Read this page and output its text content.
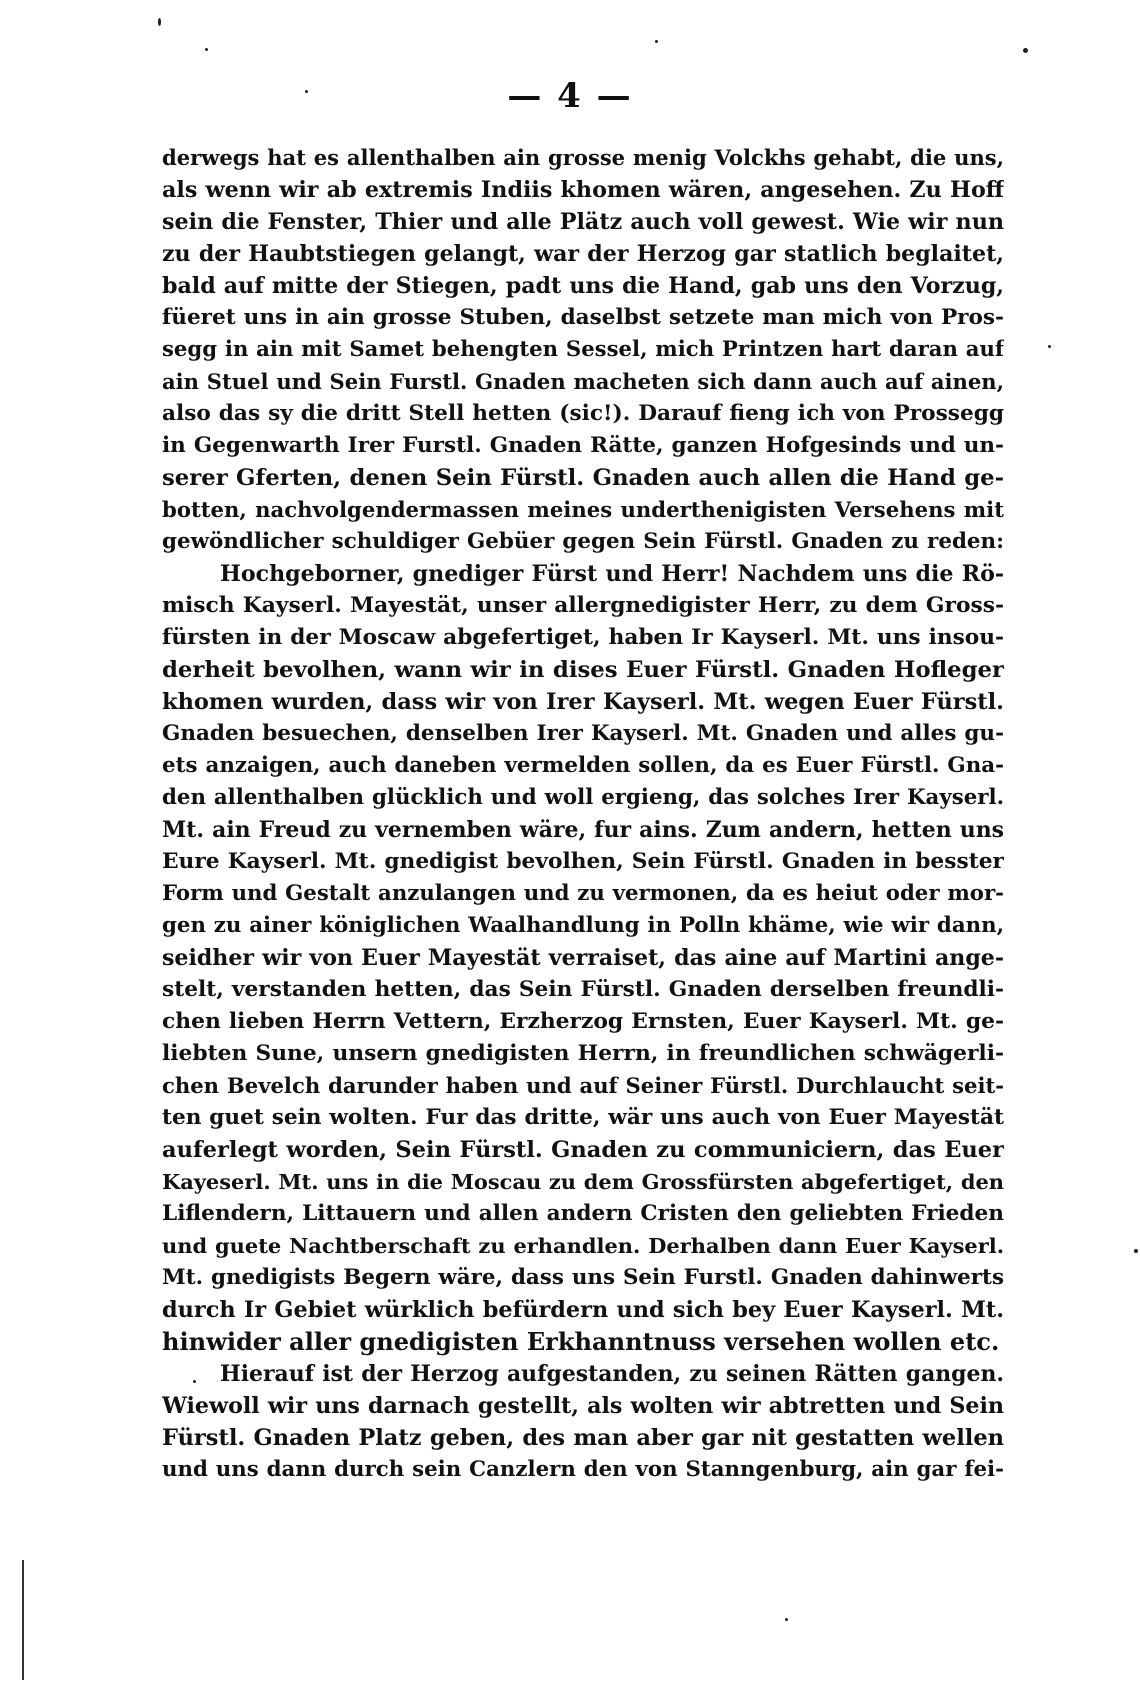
— 4 —
derwegs hat es allenthalben ain grosse menig Volckhs gehabt, die uns,
als wenn wir ab extremis Indiis khomen wären, angesehen. Zu Hoff
sein die Fenster, Thier und alle Plätz auch voll gewest. Wie wir nun
zu der Haubtstiegen gelangt, war der Herzog gar statlich beglaitet,
bald auf mitte der Stiegen, padt uns die Hand, gab uns den Vorzug,
füeret uns in ain grosse Stuben, daselbst setzete man mich von Pros-
segg in ain mit Samet behengten Sessel, mich Printzen hart daran auf
ain Stuel und Sein Furstl. Gnaden macheten sich dann auch auf ainen,
also das sy die dritt Stell hetten (sic!). Darauf fieng ich von Prossegg
in Gegenwarth Irer Furstl. Gnaden Rätte, ganzen Hofgesinds und un-
serer Gferten, denen Sein Fürstl. Gnaden auch allen die Hand ge-
botten, nachvolgendermassen meines underthenigisten Versehens mit
gewöndlicher schuldiger Gebüer gegen Sein Fürstl. Gnaden zu reden:
Hochgeborner, gnediger Fürst und Herr! Nachdem uns die Rö-
misch Kayserl. Mayestät, unser allergnedigister Herr, zu dem Gross-
fürsten in der Moscaw abgefertiget, haben Ir Kayserl. Mt. uns insou-
derheit bevolhen, wann wir in dises Euer Fürstl. Gnaden Hofleger
khomen wurden, dass wir von Irer Kayserl. Mt. wegen Euer Fürstl.
Gnaden besuechen, denselben Irer Kayserl. Mt. Gnaden und alles gu-
ets anzaigen, auch daneben vermelden sollen, da es Euer Fürstl. Gna-
den allenthalben glücklich und woll ergieng, das solches Irer Kayserl.
Mt. ain Freud zu vernemben wäre, fur ains. Zum andern, hetten uns
Eure Kayserl. Mt. gnedigist bevolhen, Sein Fürstl. Gnaden in besster
Form und Gestalt anzulangen und zu vermonen, da es heiut oder mor-
gen zu ainer königlichen Waalhandlung in Polln khäme, wie wir dann,
seidher wir von Euer Mayestät verraiset, das aine auf Martini ange-
stelt, verstanden hetten, das Sein Fürstl. Gnaden derselben freundli-
chen lieben Herrn Vettern, Erzherzog Ernsten, Euer Kayserl. Mt. ge-
liebten Sune, unsern gnedigisten Herrn, in freundlichen schwägerli-
chen Bevelch darunder haben und auf Seiner Fürstl. Durchlaucht seit-
ten guet sein wolten. Fur das dritte, wär uns auch von Euer Mayestät
auferlegt worden, Sein Fürstl. Gnaden zu communiciern, das Euer
Kayeserl. Mt. uns in die Moscau zu dem Grossfürsten abgefertiget, den
Liflendern, Littauern und allen andern Cristen den geliebten Frieden
und guete Nachtberschaft zu erhandlen. Derhalben dann Euer Kayserl.
Mt. gnedigists Begern wäre, dass uns Sein Furstl. Gnaden dahinwerts
durch Ir Gebiet würklich befürdern und sich bey Euer Kayserl. Mt.
hinwider aller gnedigisten Erkhanntnuss versehen wollen etc.
Hierauf ist der Herzog aufgestanden, zu seinen Rätten gangen.
Wiewoll wir uns darnach gestellt, als wolten wir abtretten und Sein
Fürstl. Gnaden Platz geben, des man aber gar nit gestatten wellen
und uns dann durch sein Canzlern den von Stanngenburg, ain gar fei-
